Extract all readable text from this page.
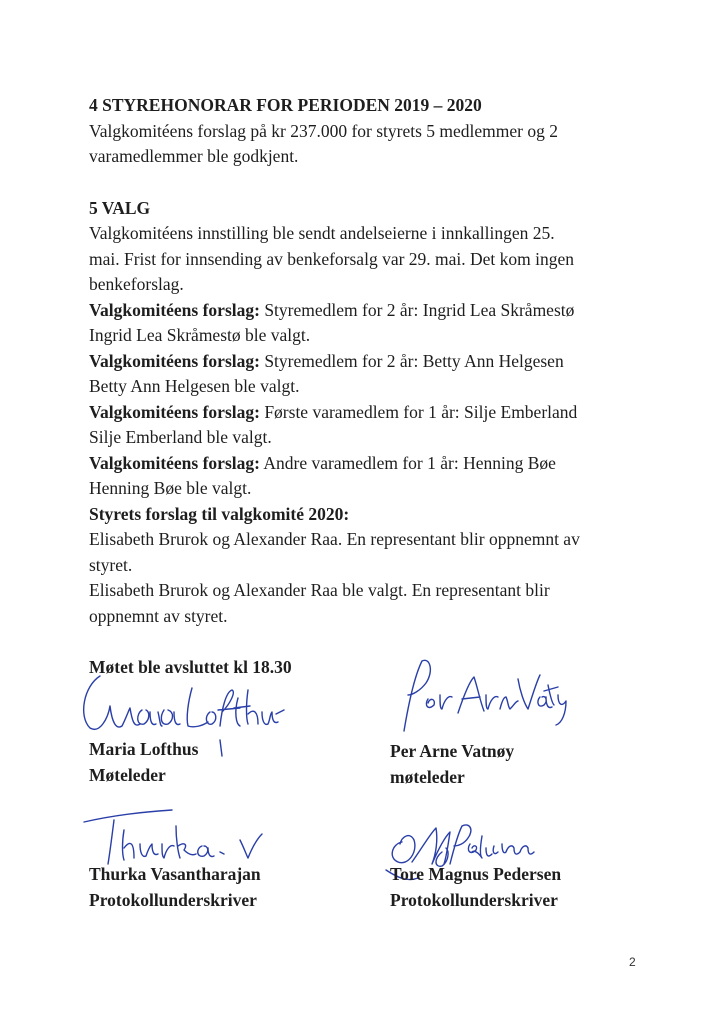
4 STYREHONORAR FOR PERIODEN 2019 – 2020
Valgkomitéens forslag på kr 237.000 for styrets 5 medlemmer og 2
varamedlemmer ble godkjent.
5 VALG
Valgkomitéens innstilling ble sendt andelseierne i innkallingen 25.
mai. Frist for innsending av benkeforsalg var 29. mai. Det kom ingen
benkeforslag.
Valgkomitéens forslag: Styremedlem for 2 år: Ingrid Lea Skråmestø
Ingrid Lea Skråmestø ble valgt.
Valgkomitéens forslag: Styremedlem for 2 år: Betty Ann Helgesen
Betty Ann Helgesen ble valgt.
Valgkomitéens forslag: Første varamedlem for 1 år: Silje Emberland
Silje Emberland ble valgt.
Valgkomitéens forslag: Andre varamedlem for 1 år: Henning Bøe
Henning Bøe ble valgt.
Styrets forslag til valgkomité 2020:
Elisabeth Brurok og Alexander Raa. En representant blir oppnemnt av
styret.
Elisabeth Brurok og Alexander Raa ble valgt. En representant blir
oppnemnt av styret.
Møtet ble avsluttet kl 18.30
Maria Lofthus
Møteleder
Per Arne Vatnøy
møteleder
Thurka Vasantharajan
Protokollunderskriver
Tore Magnus Pedersen
Protokollunderskriver
2
